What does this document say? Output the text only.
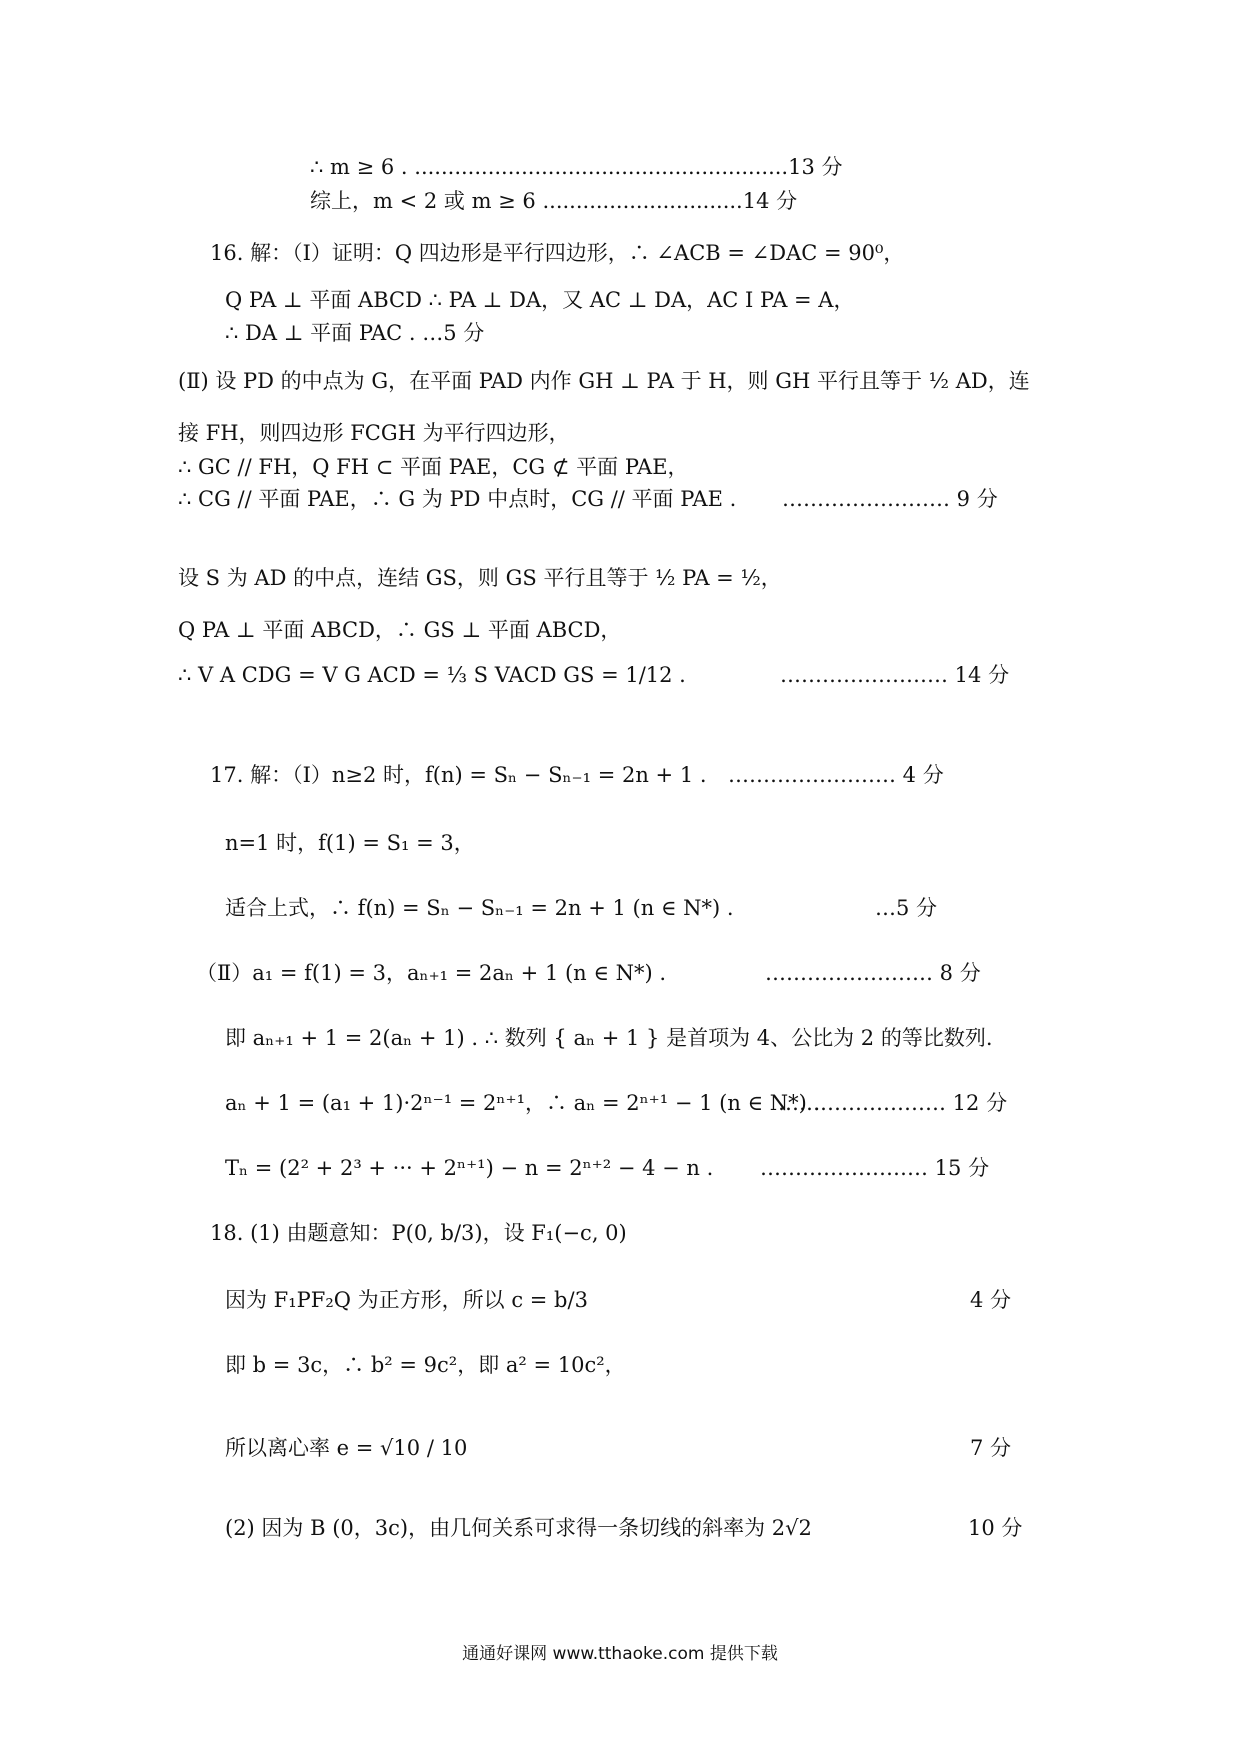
∴ m ≥ 6 . ........................................................13 分
综上，m < 2 或 m ≥ 6 ..............................14 分
16. 解：（Ⅰ）证明：Q 四边形是平行四边形，∴ ∠ACB = ∠DAC = 90⁰，
Q PA ⊥ 平面 ABCD ∴ PA ⊥ DA，又 AC ⊥ DA，AC I PA = A，
∴ DA ⊥ 平面 PAC . …5 分
(Ⅱ) 设 PD 的中点为 G，在平面 PAD 内作 GH ⊥ PA 于 H，则 GH 平行且等于 ½ AD，连
接 FH，则四边形 FCGH 为平行四边形，
∴ GC // FH，Q FH ⊂ 平面 PAE，CG ⊄ 平面 PAE，
∴ CG // 平面 PAE，∴ G 为 PD 中点时，CG // 平面 PAE . …………………… 9 分
设 S 为 AD 的中点，连结 GS，则 GS 平行且等于 ½ PA = ½，
Q PA ⊥ 平面 ABCD，∴ GS ⊥ 平面 ABCD，
∴ V A CDG = V G ACD = ⅓ S VACD GS = 1/12 .	…………………… 14 分
17. 解：（Ⅰ）n≥2 时，f(n) = Sₙ − Sₙ₋₁ = 2n + 1 . …………………… 4 分
n=1 时，f(1) = S₁ = 3，
适合上式，∴ f(n) = Sₙ − Sₙ₋₁ = 2n + 1 (n ∈ N*) .	…5 分
（Ⅱ）a₁ = f(1) = 3，aₙ₊₁ = 2aₙ + 1 (n ∈ N*) .	…………………… 8 分
即 aₙ₊₁ + 1 = 2(aₙ + 1) . ∴ 数列 { aₙ + 1 } 是首项为 4、公比为 2 的等比数列.
aₙ + 1 = (a₁ + 1)·2ⁿ⁻¹ = 2ⁿ⁺¹，∴ aₙ = 2ⁿ⁺¹ − 1 (n ∈ N*) .
…………………… 12 分
Tₙ = (2² + 2³ + ··· + 2ⁿ⁺¹) − n = 2ⁿ⁺² − 4 − n . …………………… 15 分
18. (1) 由题意知：P(0, b/3)，设 F₁(−c, 0)
因为 F₁PF₂Q 为正方形，所以 c = b/3	4 分
即 b = 3c，∴ b² = 9c²，即 a² = 10c²，
所以离心率 e = √10 / 10	7 分
(2) 因为 B (0，3c)，由几何关系可求得一条切线的斜率为 2√2	10 分
通通好课网 www.tthaoke.com 提供下载
